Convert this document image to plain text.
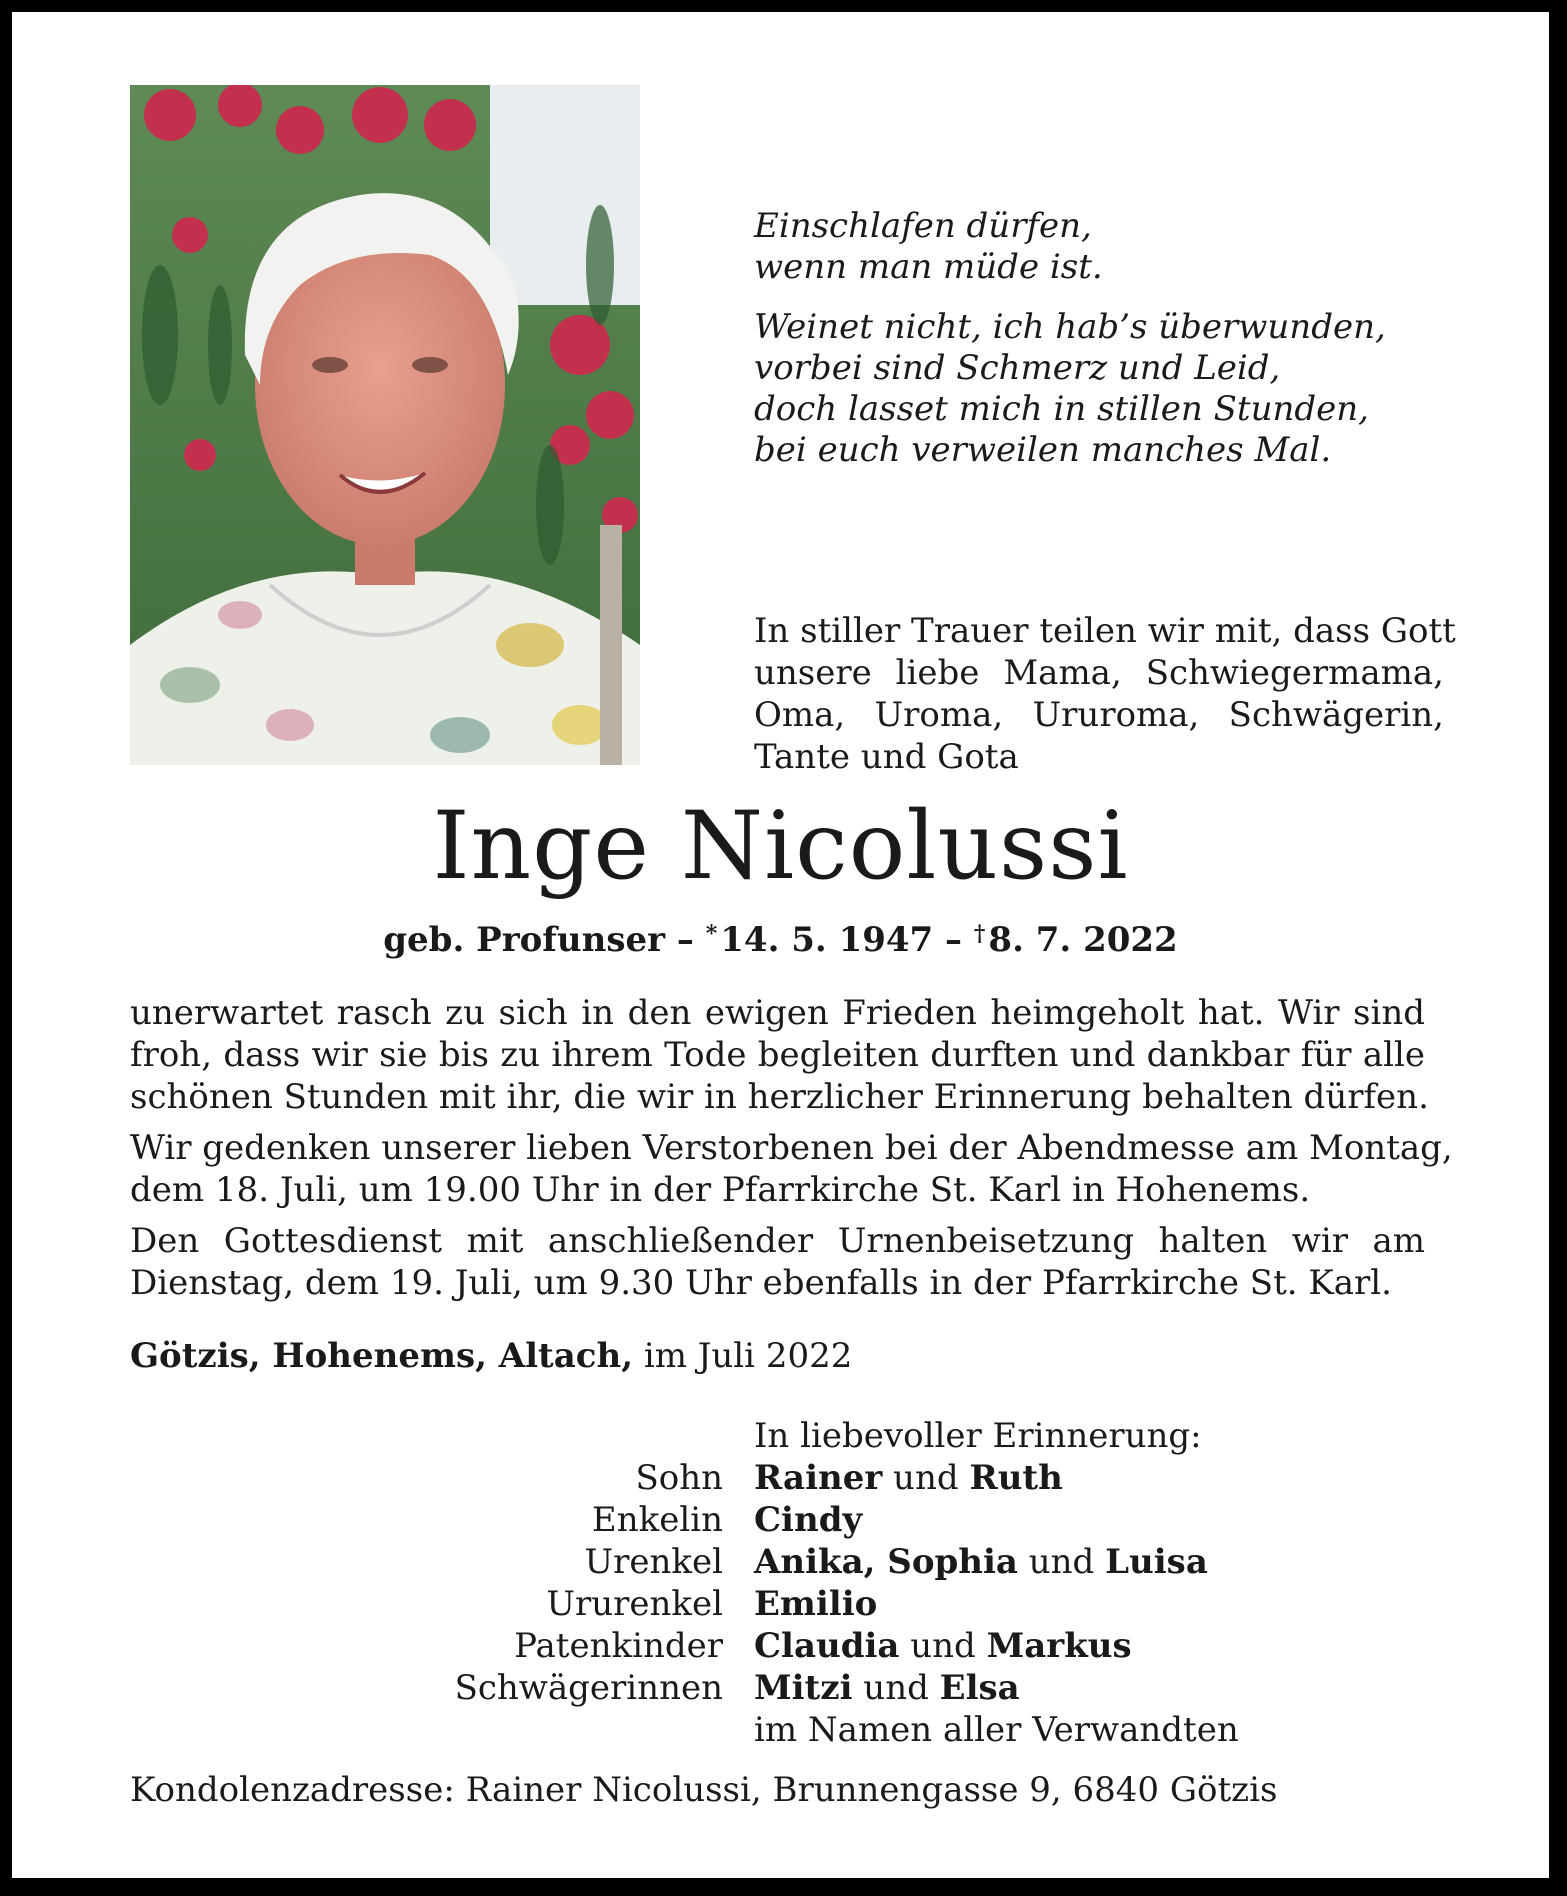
Einschlafen dürfen,
wenn man müde ist.

Weinet nicht, ich hab’s überwunden,
vorbei sind Schmerz und Leid,
doch lasset mich in stillen Stunden,
bei euch verweilen manches Mal.

In stiller Trauer teilen wir mit, dass Gott
unsere liebe Mama, Schwiegermama,
Oma, Uroma, Ururoma, Schwägerin,
Tante und Gota
Inge Nicolussi
geb. Profunser – *14. 5. 1947 – †8. 7. 2022

unerwartet rasch zu sich in den ewigen Frieden heimgeholt hat. Wir sind
froh, dass wir sie bis zu ihrem Tode begleiten durften und dankbar für alle
schönen Stunden mit ihr, die wir in herzlicher Erinnerung behalten dürfen.

Wir gedenken unserer lieben Verstorbenen bei der Abendmesse am Montag,
dem 18. Juli, um 19.00 Uhr in der Pfarrkirche St. Karl in Hohenems.

Den Gottesdienst mit anschließender Urnenbeisetzung halten wir am
Dienstag, dem 19. Juli, um 9.30 Uhr ebenfalls in der Pfarrkirche St. Karl.

Götzis, Hohenems, Altach, im Juli 2022
In liebevoller Erinnerung:
Sohn Rainer und Ruth
Enkelin Cindy
Urenkel Anika, Sophia und Luisa
Ururenkel Emilio
Patenkinder Claudia und Markus
Schwägerinnen Mitzi und Elsa
im Namen aller Verwandten
Kondolenzadresse: Rainer Nicolussi, Brunnengasse 9, 6840 Götzis
